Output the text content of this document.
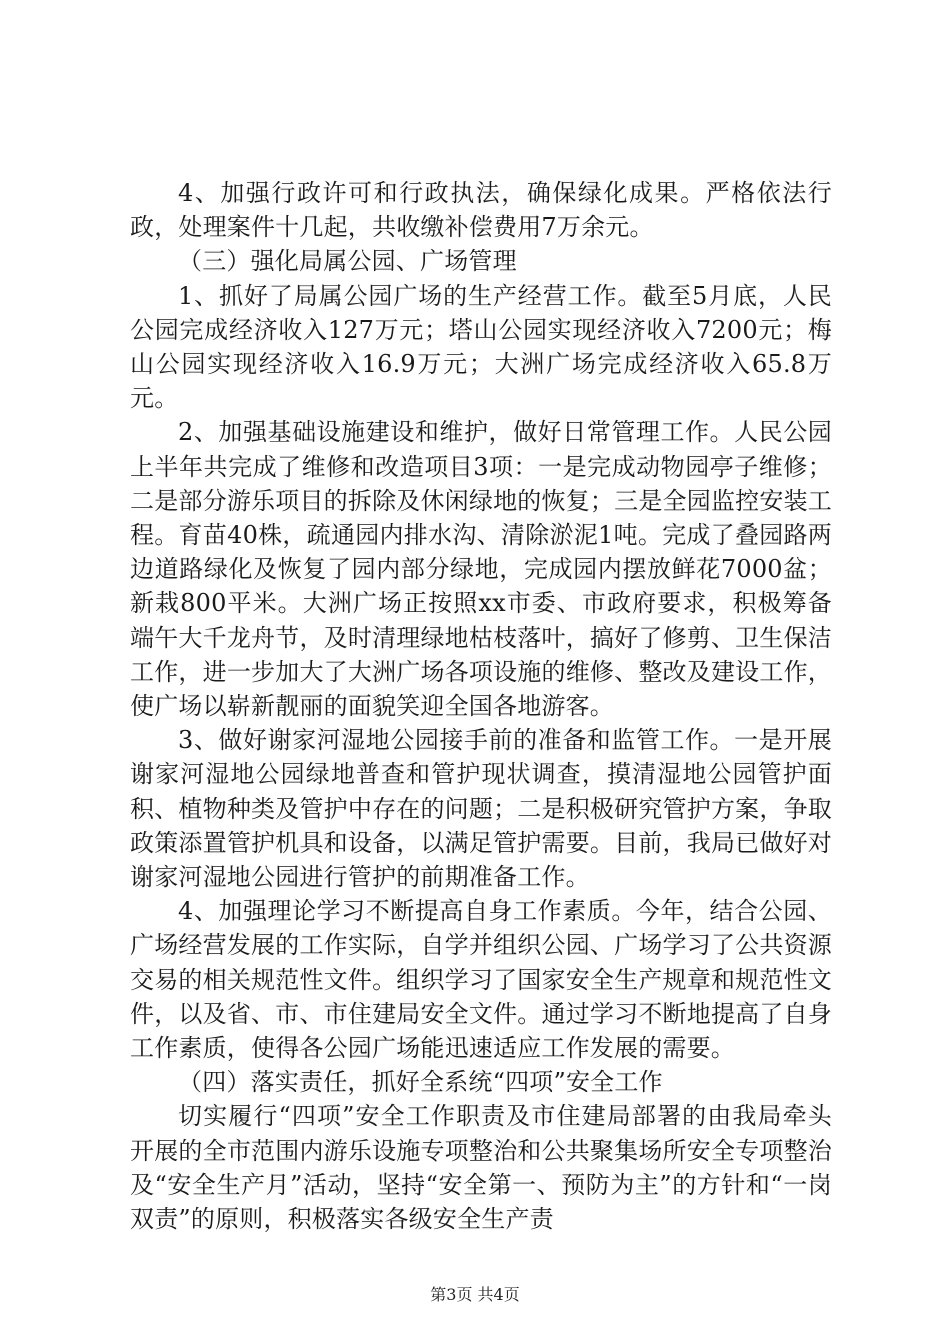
4、加强行政许可和行政执法，确保绿化成果。严格依法行政，处理案件十几起，共收缴补偿费用7万余元。

（三）强化局属公园、广场管理

1、抓好了局属公园广场的生产经营工作。截至5月底，人民公园完成经济收入127万元；塔山公园实现经济收入7200元；梅山公园实现经济收入16.9万元；大洲广场完成经济收入65.8万元。

2、加强基础设施建设和维护，做好日常管理工作。人民公园上半年共完成了维修和改造项目3项：一是完成动物园亭子维修；二是部分游乐项目的拆除及休闲绿地的恢复；三是全园监控安装工程。育苗40株，疏通园内排水沟、清除淤泥1吨。完成了叠园路两边道路绿化及恢复了园内部分绿地，完成园内摆放鲜花7000盆；新栽800平米。大洲广场正按照xx市委、市政府要求，积极筹备端午大千龙舟节，及时清理绿地枯枝落叶，搞好了修剪、卫生保洁工作，进一步加大了大洲广场各项设施的维修、整改及建设工作，使广场以崭新靓丽的面貌笑迎全国各地游客。

3、做好谢家河湿地公园接手前的准备和监管工作。一是开展谢家河湿地公园绿地普查和管护现状调查，摸清湿地公园管护面积、植物种类及管护中存在的问题；二是积极研究管护方案，争取政策添置管护机具和设备，以满足管护需要。目前，我局已做好对谢家河湿地公园进行管护的前期准备工作。

4、加强理论学习不断提高自身工作素质。今年，结合公园、广场经营发展的工作实际，自学并组织公园、广场学习了公共资源交易的相关规范性文件。组织学习了国家安全生产规章和规范性文件，以及省、市、市住建局安全文件。通过学习不断地提高了自身工作素质，使得各公园广场能迅速适应工作发展的需要。

（四）落实责任，抓好全系统“四项”安全工作

切实履行“四项”安全工作职责及市住建局部署的由我局牵头开展的全市范围内游乐设施专项整治和公共聚集场所安全专项整治及“安全生产月”活动，坚持“安全第一、预防为主”的方针和“一岗双责”的原则，积极落实各级安全生产责

第3页 共4页
